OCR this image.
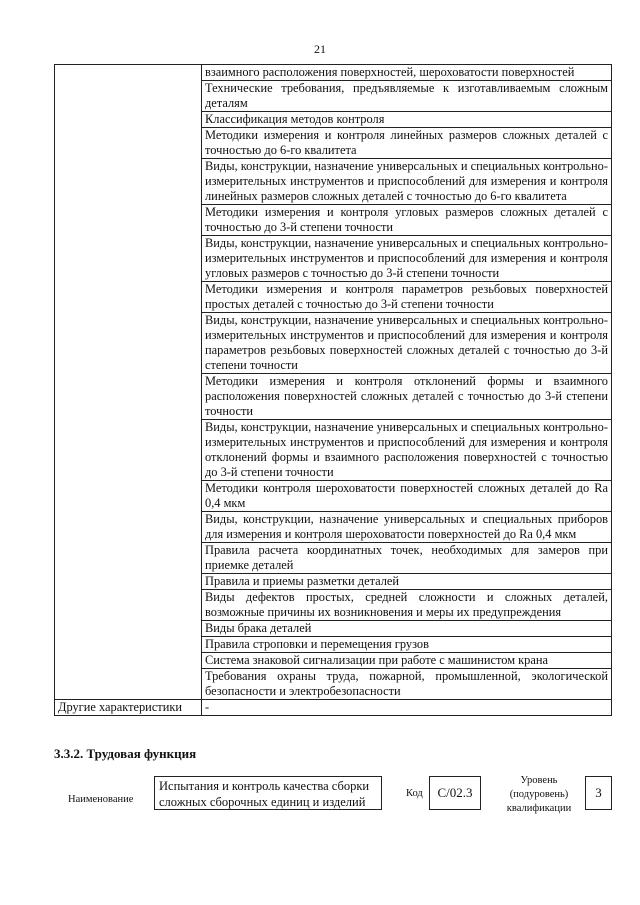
21
	взаимного расположения поверхностей, шероховатости поверхностей
	Технические требования, предъявляемые к изготавливаемым сложным деталям
	Классификация методов контроля
	Методики измерения и контроля линейных размеров сложных деталей с точностью до 6-го квалитета
	Виды, конструкции, назначение универсальных и специальных контрольно-измерительных инструментов и приспособлений для измерения и контроля линейных размеров сложных деталей с точностью до 6-го квалитета
	Методики измерения и контроля угловых размеров сложных деталей с точностью до 3-й степени точности
	Виды, конструкции, назначение универсальных и специальных контрольно-измерительных инструментов и приспособлений для измерения и контроля угловых размеров с точностью до 3-й степени точности
	Методики измерения и контроля параметров резьбовых поверхностей простых деталей с точностью до 3-й степени точности
	Виды, конструкции, назначение универсальных и специальных контрольно-измерительных инструментов и приспособлений для измерения и контроля параметров резьбовых поверхностей сложных деталей с точностью до 3-й степени точности
	Методики измерения и контроля отклонений формы и взаимного расположения поверхностей сложных деталей с точностью до 3-й степени точности
	Виды, конструкции, назначение универсальных и специальных контрольно-измерительных инструментов и приспособлений для измерения и контроля отклонений формы и взаимного расположения поверхностей с точностью до 3-й степени точности
	Методики контроля шероховатости поверхностей сложных деталей до Ra 0,4 мкм
	Виды, конструкции, назначение универсальных и специальных приборов для измерения и контроля шероховатости поверхностей до Ra 0,4 мкм
	Правила расчета координатных точек, необходимых для замеров при приемке деталей
	Правила и приемы разметки деталей
	Виды дефектов простых, средней сложности и сложных деталей, возможные причины их возникновения и меры их предупреждения
	Виды брака деталей
	Правила строповки и перемещения грузов
	Система знаковой сигнализации при работе с машинистом крана
	Требования охраны труда, пожарной, промышленной, экологической безопасности и электробезопасности
Другие характеристики	-
3.3.2. Трудовая функция
Наименование
Испытания и контроль качества сборки сложных сборочных единиц и изделий
Код	С/02.3
Уровень (подуровень) квалификации
3
